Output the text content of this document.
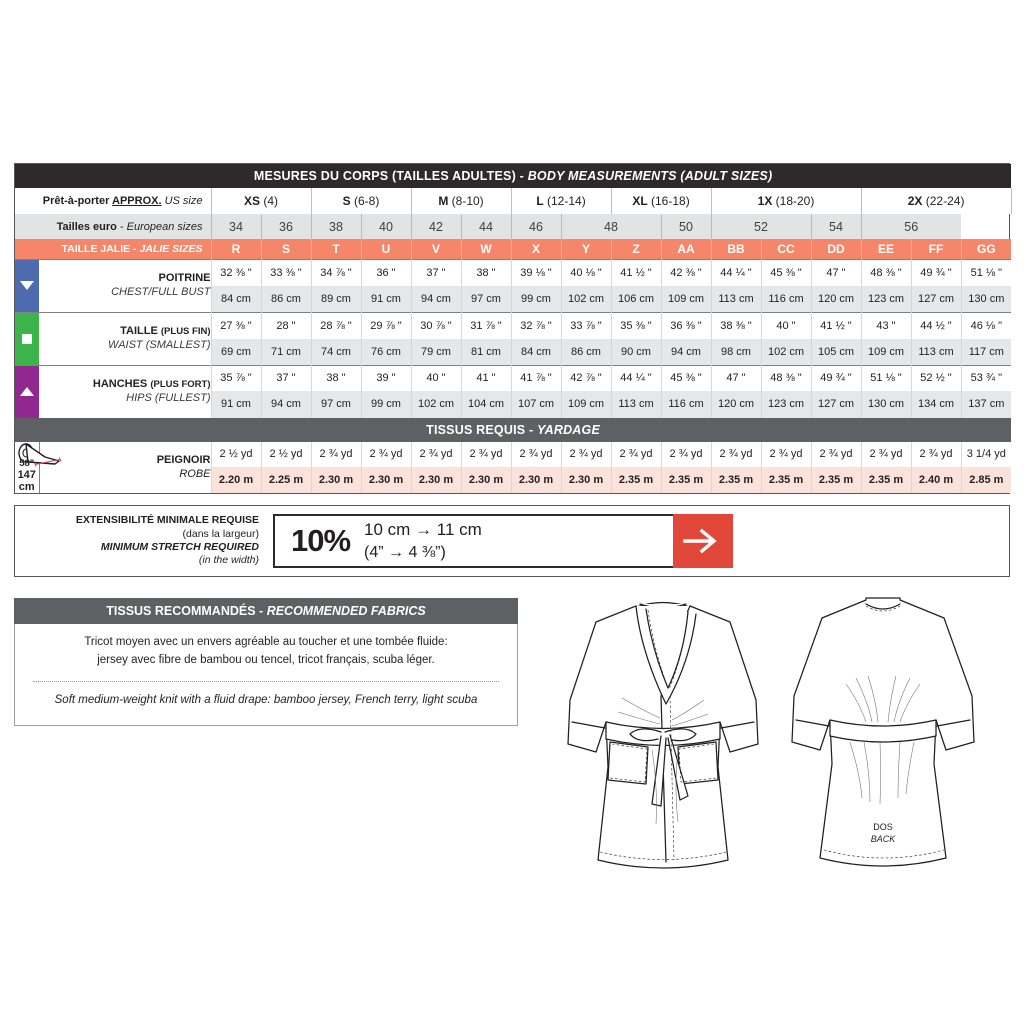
MESURES DU CORPS (TAILLES ADULTES) - BODY MEASUREMENTS (ADULT SIZES)																	
Prêt-à-porter APPROX. US size		XS (4)		S (6-8)		M (8-10)		L (12-14)		XL (16-18)		1X (18-20)			2X (22-24)		
Tailles euro - European sizes		34	36	38	40	42	44	46	48		50	52		54	56		
TAILLE JALIE - JALIE SIZES		R	S	T	U	V	W	X	Y	Z	AA	BB	CC	DD	EE	FF	GG

	POITRINE
CHEST/FULL BUST	32 ⅜ "	33 ⅜ "	34 ⅞ "	36 "	37 "	38 "	39 ⅛ "	40 ⅛ "	41 ½ "	42 ⅜ "	44 ¼ "	45 ⅜ "	47 "	48 ⅜ "	49 ¾ "	51 ⅛ "
		84 cm	86 cm	89 cm	91 cm	94 cm	97 cm	99 cm	102 cm	106 cm	109 cm	113 cm	116 cm	120 cm	123 cm	127 cm	130 cm

	TAILLE (PLUS FIN)
WAIST (SMALLEST)	27 ⅜ "	28 "	28 ⅞ "	29 ⅞ "	30 ⅞ "	31 ⅞ "	32 ⅞ "	33 ⅞ "	35 ⅜ "	36 ⅜ "	38 ⅜ "	40 "	41 ½ "	43 "	44 ½ "	46 ⅛ "
		69 cm	71 cm	74 cm	76 cm	79 cm	81 cm	84 cm	86 cm	90 cm	94 cm	98 cm	102 cm	105 cm	109 cm	113 cm	117 cm

	HANCHES (PLUS FORT)
HIPS (FULLEST)	35 ⅞ "	37 "	38 "	39 "	40 "	41 "	41 ⅞ "	42 ⅞ "	44 ¼ "	45 ⅜ "	47 "	48 ⅜ "	49 ¾ "	51 ⅛ "	52 ½ "	53 ¾ "
		91 cm	94 cm	97 cm	99 cm	102 cm	104 cm	107 cm	109 cm	113 cm	116 cm	120 cm	123 cm	127 cm	130 cm	134 cm	137 cm
TISSUS REQUIS - YARDAGE																	

58"
147 cm	PEIGNOIR
ROBE	2 ½ yd	2 ½ yd	2 ¾ yd	2 ¾ yd	2 ¾ yd	2 ¾ yd	2 ¾ yd	2 ¾ yd	2 ¾ yd	2 ¾ yd	2 ¾ yd	2 ¾ yd	2 ¾ yd	2 ¾ yd	2 ¾ yd	3 1/4 yd
		2.20 m	2.25 m	2.30 m	2.30 m	2.30 m	2.30 m	2.30 m	2.30 m	2.35 m	2.35 m	2.35 m	2.35 m	2.35 m	2.35 m	2.40 m	2.85 m
EXTENSIBILITÉ MINIMALE REQUISE
(dans la largeur)
MINIMUM STRETCH REQUIRED
(in the width)
10% 10 cm → 11 cm
(4” → 4 ⅜”)
TISSUS RECOMMANDÉS - RECOMMENDED FABRICS
Tricot moyen avec un envers agréable au toucher et une tombée fluide:
jersey avec fibre de bambou ou tencel, tricot français, scuba léger.
Soft medium-weight knit with a fluid drape: bamboo jersey, French terry, light scuba
DOS
BACK
